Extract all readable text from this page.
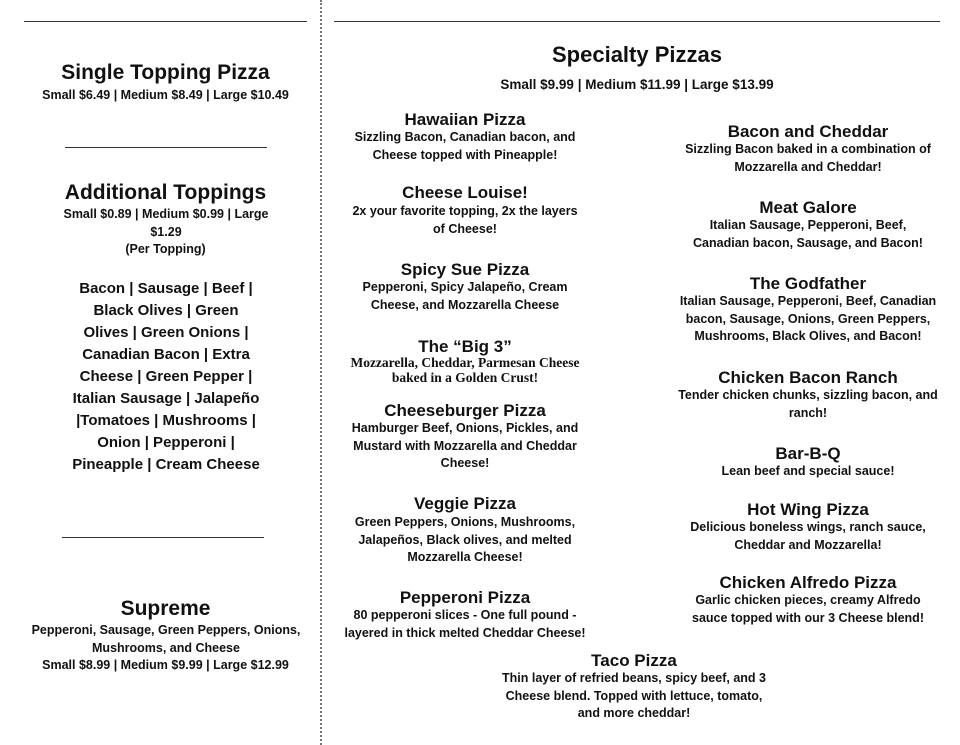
Single Topping Pizza
Small $6.49 | Medium $8.49 | Large $10.49
Additional Toppings
Small $0.89 | Medium $0.99 | Large $1.29
(Per Topping)
Bacon | Sausage | Beef | Black Olives | Green Olives | Green Onions | Canadian Bacon | Extra Cheese | Green Pepper | Italian Sausage | Jalapeño |Tomatoes | Mushrooms | Onion | Pepperoni | Pineapple | Cream Cheese
Supreme
Pepperoni, Sausage, Green Peppers, Onions, Mushrooms, and Cheese
Small $8.99 | Medium $9.99 | Large $12.99
Specialty Pizzas
Small $9.99 | Medium $11.99 | Large $13.99
Hawaiian Pizza
Sizzling Bacon, Canadian bacon, and Cheese topped with Pineapple!
Cheese Louise!
2x your favorite topping, 2x the layers of Cheese!
Spicy Sue Pizza
Pepperoni, Spicy Jalapeño, Cream Cheese, and Mozzarella Cheese
The “Big 3”
Mozzarella, Cheddar, Parmesan Cheese baked in a Golden Crust!
Cheeseburger Pizza
Hamburger Beef, Onions, Pickles, and Mustard with Mozzarella and Cheddar Cheese!
Veggie Pizza
Green Peppers, Onions, Mushrooms, Jalapeños, Black olives, and melted Mozzarella Cheese!
Pepperoni Pizza
80 pepperoni slices - One full pound - layered in thick melted Cheddar Cheese!
Bacon and Cheddar
Sizzling Bacon baked in a combination of Mozzarella and Cheddar!
Meat Galore
Italian Sausage, Pepperoni, Beef, Canadian bacon, Sausage, and Bacon!
The Godfather
Italian Sausage, Pepperoni, Beef, Canadian bacon, Sausage, Onions, Green Peppers, Mushrooms, Black Olives, and Bacon!
Chicken Bacon Ranch
Tender chicken chunks, sizzling bacon, and ranch!
Bar-B-Q
Lean beef and special sauce!
Hot Wing Pizza
Delicious boneless wings, ranch sauce, Cheddar and Mozzarella!
Chicken Alfredo Pizza
Garlic chicken pieces, creamy Alfredo sauce topped with our 3 Cheese blend!
Taco Pizza
Thin layer of refried beans, spicy beef, and 3 Cheese blend. Topped with lettuce, tomato, and more cheddar!
